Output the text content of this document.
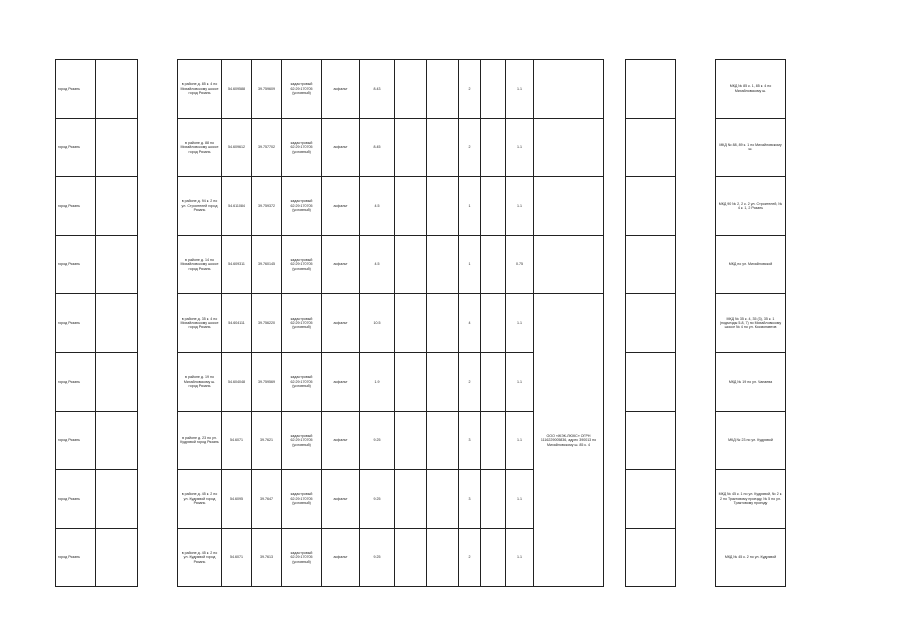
город Рязань			в районе д. 85 к. 4 по Михайловскому шоссе город Рязань	54.609588	39.759609	кадастровый 62:29:170705 (условный)	асфальт	8.43			2		1.1					МКД № 85 к. 1, 85 к. 4 по Михайловскому ш.
город Рязань			в районе д. 88 по Михайловскому шоссе город Рязань	54.609612	39.757702	кадастровый 62:29:170705 (условный)	асфальт	8.45			2		1.1					МКД № 88, 89 к. 1 по Михайловскому ш.
город Рязань			в районе д. 94 к. 2 по ул. Строителей город Рязань	54.611084	39.759372	кадастровый 62:29:170705 (условный)	асфальт	4.5			1		1.1					МКД 90 № 2, 2 к. 2 ул. Строителей, № 4 к. 1, 2 Рязань
город Рязань			в районе д. 14 по Михайловскому шоссе город Рязань	54.609311	39.760145	кадастровый 62:29:170705 (условный)	асфальт	4.5			1		0.75					МКД по ул. Михайловской
город Рязань			в районе д. 35 к. 4 по Михайловскому шоссе город Рязань	54.604111	39.756220	кадастровый 62:29:170705 (условный)	асфальт	10.5			4		1.1	ООО «ЖЭК-ЛЮКС» ОГРН 1116229005836, адрес 390013 по Михайловскому ш. 85 к. 4				МКД № 35 к. 4, 35 (3), 35 к. 1 (подъезды 5-8, 7) по Михайловскому шоссе № 4 по ул. Космонавтов
город Рязань			в районе д. 19 по Михайловскому ш. город Рязань	54.604048	39.759569	кадастровый 62:29:170705 (условный)	асфальт	1.9			2		1.1					МКД № 19 по ул. Чапаева
город Рязань			в районе д. 23 по ул. Кудрявой город Рязань	54.6071	39.7621	кадастровый 62:29:170705 (условный)	асфальт	9.25			3		1.1					МКД № 23 по ул. Кудрявой
город Рязань			в районе д. 45 к. 2 по ул. Кудрявой город Рязань	54.6095	39.7647	кадастровый 62:29:170705 (условный)	асфальт	9.25			3		1.1					МКД № 45 к. 1 по ул. Кудрявой, № 2 к. 2 по Трактовому проезду, № 5 по ул. Трактовому проезду
город Рязань			в районе д. 45 к. 2 по ул. Кудрявой город Рязань	54.6071	39.7613	кадастровый 62:29:170705 (условный)	асфальт	9.25			2		1.1					МКД № 45 к. 2 по ул. Кудрявой
